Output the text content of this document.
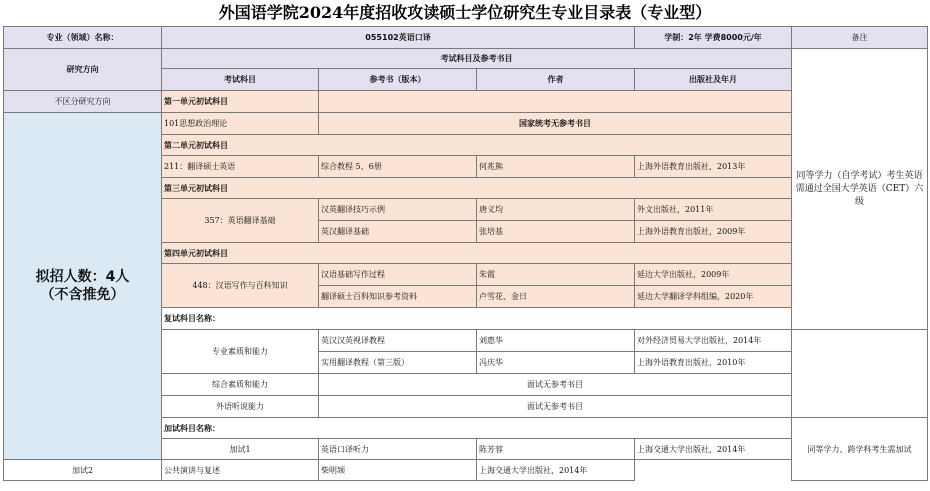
外国语学院2024年度招收攻读硕士学位研究生专业目录表（专业型）
专业（领域）名称：	055102英语口译			学制：2年 学费8000元/年	备注	
研究方向	考试科目及参考书目				同等学力（自学考试）考生英语需通过全国大学英语（CET）六级	
	考试科目	参考书（版本）	作者	出版社及年月		
不区分研究方向	第一单元初试科目					

拟招人数：4人
（不含推免）	101思想政治理论	国家统考无参考书目				
	第二单元初试科目					
	211：翻译硕士英语	综合教程 5、6册	何兆熊	上海外语教育出版社，2013年		
	第三单元初试科目					
	357：英语翻译基础	汉英翻译技巧示例	唐义均	外文出版社，2011年		
		英汉翻译基础	张培基	上海外语教育出版社，2009年		
	第四单元初试科目					
	448：汉语写作与百科知识	汉语基础写作过程	朱霞	延边大学出版社，2009年		
		翻译硕士百科知识参考资料	卢雪花、金日	延边大学翻译学科组编，2020年		
	复试科目名称：					
	专业素质和能力	英汉汉英视译教程	刘惠华	对外经济贸易大学出版社，2014年		
		实用翻译教程（第三版）	冯庆华	上海外语教育出版社，2010年		
	综合素质和能力	面试无参考书目				
	外语听说能力	面试无参考书目				
	加试科目名称：				同等学力、跨学科考生需加试	
	加试1	英语口译听力	陈芳蓉	上海交通大学出版社，2014年		
加试2	公共演讲与复述	柴明颎	上海交通大学出版社，2014年			
